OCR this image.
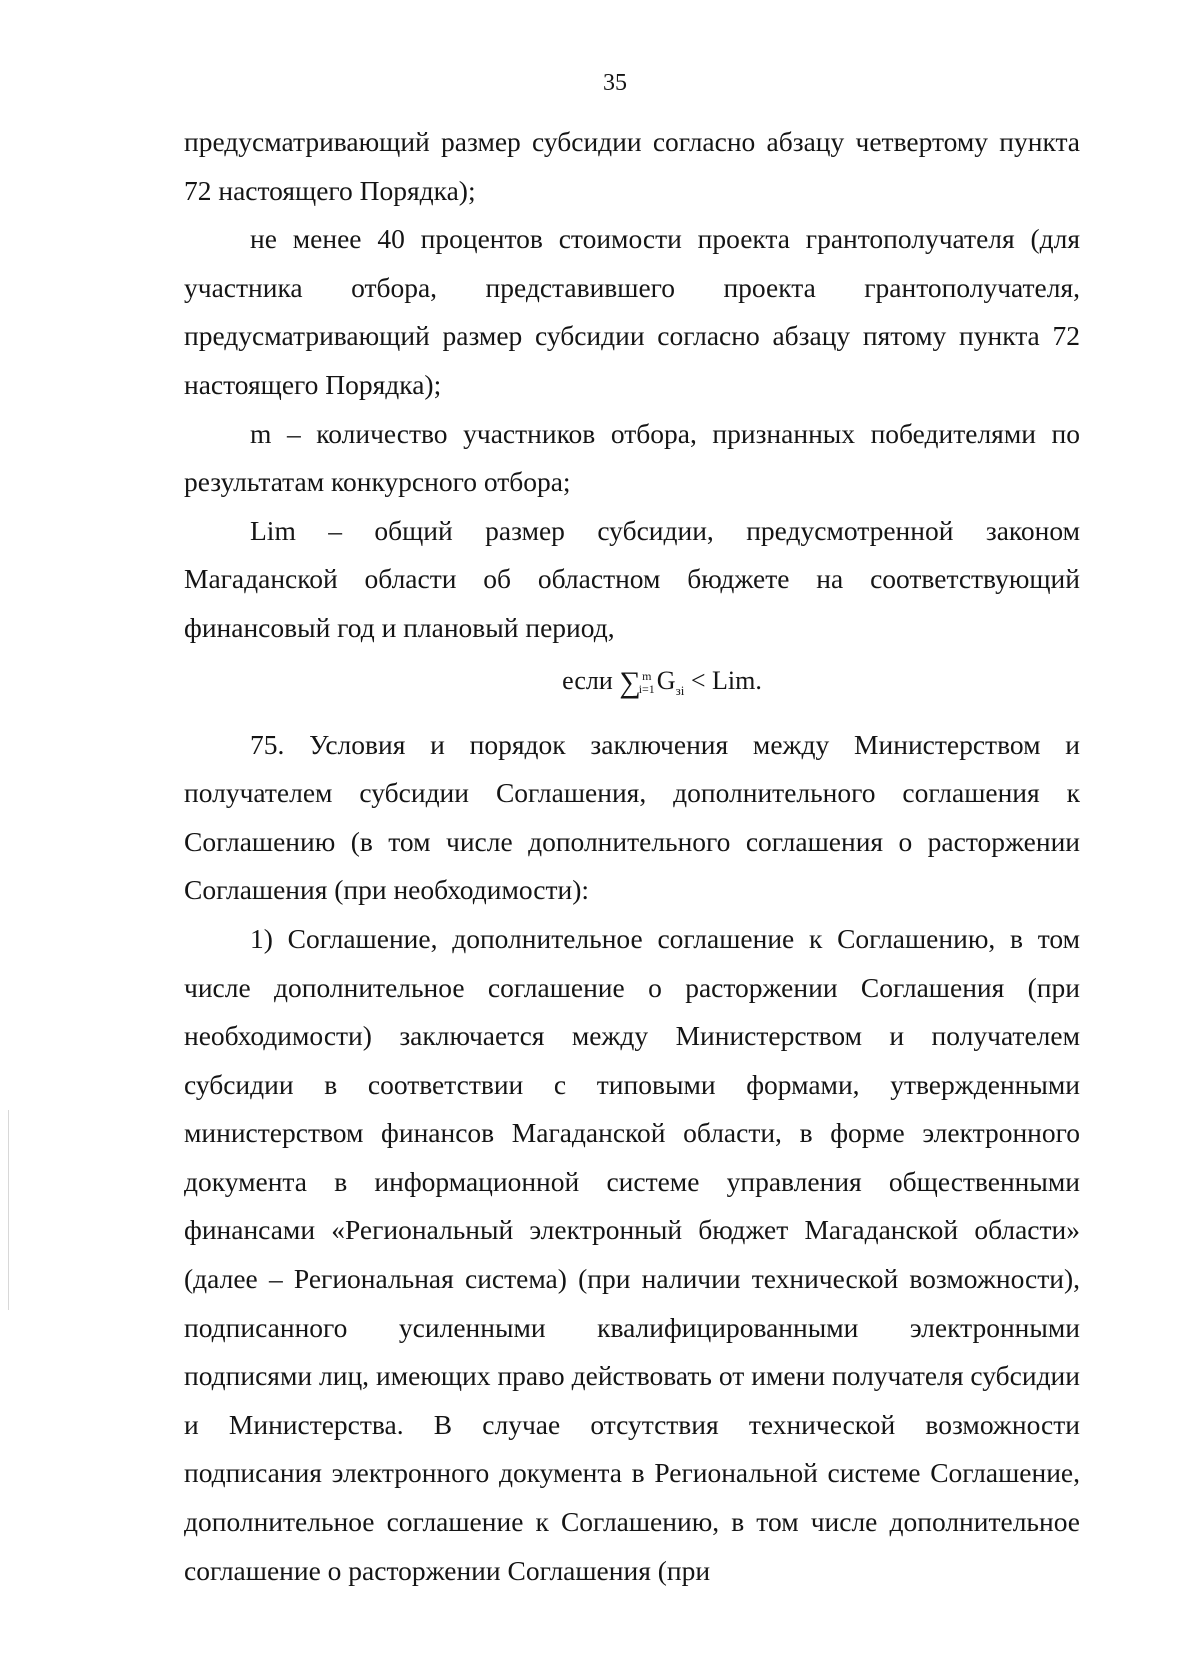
35

предусматривающий размер субсидии согласно абзацу четвертому пункта 72 настоящего Порядка);

не менее 40 процентов стоимости проекта грантополучателя (для участника отбора, представившего проекта грантополучателя, предусматривающий размер субсидии согласно абзацу пятому пункта 72 настоящего Порядка);

m – количество участников отбора, признанных победителями по результатам конкурсного отбора;

Lim – общий размер субсидии, предусмотренной законом Магаданской области об областном бюджете на соответствующий финансовый год и плановый период,

если ∑ m
i=1 $G_{зi}$ < Lim.

75. Условия и порядок заключения между Министерством и получателем субсидии Соглашения, дополнительного соглашения к Соглашению (в том числе дополнительного соглашения о расторжении Соглашения (при необходимости):

1) Соглашение, дополнительное соглашение к Соглашению, в том числе дополнительное соглашение о расторжении Соглашения (при необходимости) заключается между Министерством и получателем субсидии в соответствии с типовыми формами, утвержденными министерством финансов Магаданской области, в форме электронного документа в информационной системе управления общественными финансами «Региональный электронный бюджет Магаданской области» (далее – Региональная система) (при наличии технической возможности), подписанного усиленными квалифицированными электронными подписями лиц, имеющих право действовать от имени получателя субсидии и Министерства. В случае отсутствия технической возможности подписания электронного документа в Региональной системе Соглашение, дополнительное соглашение к Соглашению, в том числе дополнительное соглашение о расторжении Соглашения (при
